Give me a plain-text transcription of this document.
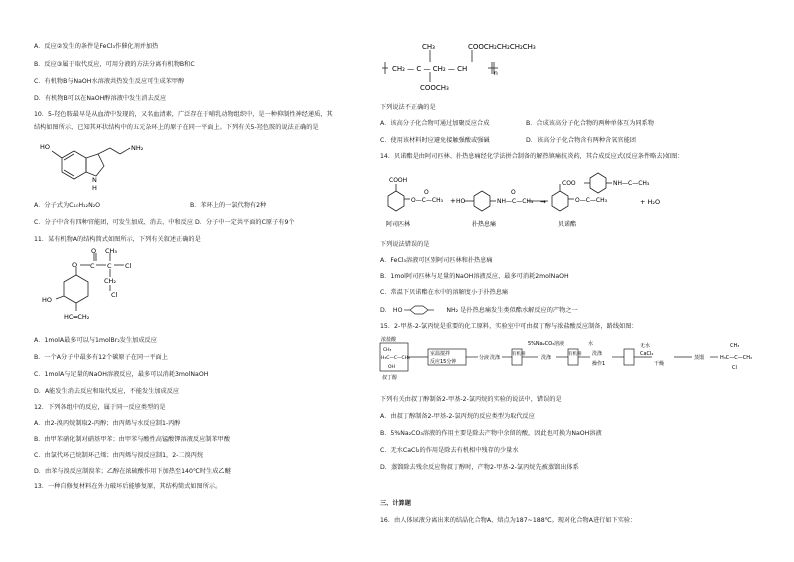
A．反应②发生的条件是FeCl₃作催化剂并加热
B．反应③属于取代反应，可用分液的方法分离有机物B和C
C．有机物B与NaOH水溶液共热发生反应可生成苯甲醇
D．有机物B可以在NaOH醇溶液中发生消去反应
10．5-羟色胺最早是从血清中发现的，又名血清素，广泛存在于哺乳动物组织中，是一种抑制性神经递质，其
结构如图所示，已知其环状结构中的五元杂环上的原子在同一平面上。下列有关5-羟色胺的说法正确的是
HO	NH₂
N
H
A．分子式为C₁₀H₁₂N₂O	B．苯环上的一氯代物有2种
C．分子中含有四种官能团，可发生加成、消去、中和反应 D．分子中一定共平面的C原子有9个
11．某有机物A的结构简式如图所示，下列有关叙述正确的是
O
O
C
CH₃
C Cl
CH₂
Cl
HO
HC═CH₂
A．1molA最多可以与1molBr₂发生加成反应
B．一个A分子中最多有12个碳原子在同一平面上
C．1molA与足量的NaOH溶液反应，最多可以消耗3molNaOH
D．A能发生消去反应和取代反应，不能发生加成反应
12．下列各组中的反应，属于同一反应类型的是
A．由2-溴丙烷制取2-丙醇；由丙烯与水反应制1-丙醇
B．由甲苯硝化制对硝基甲苯；由甲苯与酸性高锰酸钾溶液反应制苯甲酸
C．由氯代环己烷制环己烯；由丙烯与溴反应制1，2-二溴丙烷
D．由苯与溴反应制溴苯；乙醇在浓硫酸作用下加热至140℃时生成乙醚
13．一种自修复材料在外力破坏后能够复原，其结构简式如图所示。
CH₃	COOCH₂CH₂CH₂CH₃
CH₂ — C — CH₂ — CH
n
COOCH₃
下列说法不正确的是
A．该高分子化合物可通过加聚反应合成	B．合成该高分子化合物的两种单体互为同系物
C．使用该材料时应避免接触强酸或强碱	D．该高分子化合物含有两种含氧官能团
14．贝诺酯是由阿司匹林、扑热息痛经化学法拼合制备的解热镇痛抗炎药，其合成反应式(反应条件略去)如图：
COOH
O—C—CH₃
O
+ HO	NH—C—CH₃
O
→
COO	NH—C—CH₃
O—C—CH₃	+ H₂O
阿司匹林	扑热息痛	贝诺酯
下列说法错误的是
A．FeCl₃溶液可区别阿司匹林和扑热息痛
B．1mol阿司匹林与足量的NaOH溶液反应，最多可消耗2molNaOH
C．常温下贝诺酯在水中的溶解度小于扑热息痛
D． HO	NH₂ 是扑热息痛发生类似酯水解反应的产物之一
15．2-甲基-2-氯丙烷是重要的化工原料，实验室中可由叔丁醇与浓盐酸反应制备，路线如图：
浓盐酸
叔丁醇
CH₃
H₃C—C—CH₃
OH
室温搅拌
反应15分钟
分液 洗涤
有机相
5%Na₂CO₃溶液
洗涤
有机相
水
洗涤
操作1
无水
CaCl₂
干燥
蒸馏
CH₃
H₃C—C—CH₃
Cl
下列有关由叔丁醇制备2-甲基-2-氯丙烷的实验的说法中，错误的是
A．由叔丁醇制备2-甲基-2-氯丙烷的反应类型为取代反应
B．5%Na₂CO₃溶液的作用主要是除去产物中余留的酸，因此也可换为NaOH溶液
C．无水CaCl₂的作用是除去有机相中残存的少量水
D．蒸馏除去残余反应物叔丁醇时，产物2-甲基-2-氯丙烷先被蒸馏出体系
三、计算题
16．由人体尿液分离出来的结晶化合物A，熔点为187~188℃。现对化合物A进行如下实验：
